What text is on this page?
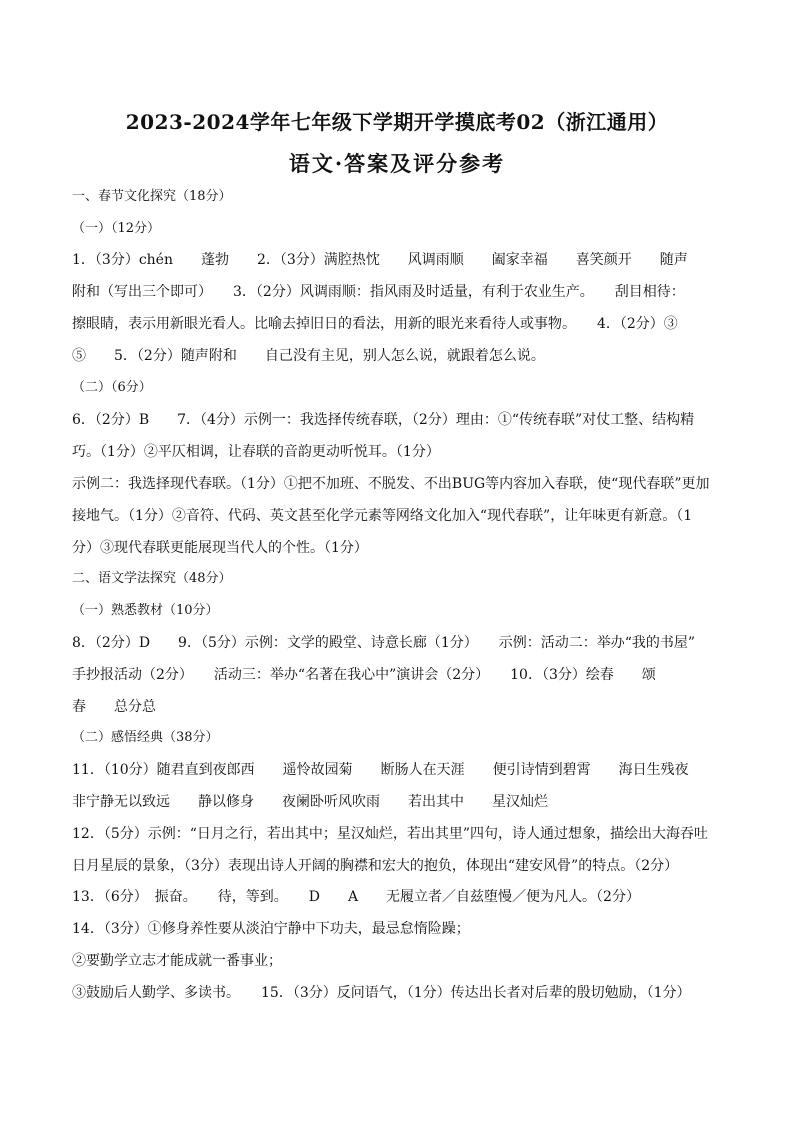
2023-2024学年七年级下学期开学摸底考02（浙江通用）
语文·答案及评分参考
一、春节文化探究（18分）
（一）（12分）
1．（3分）chén　　蓬勃　　2．（3分）满腔热忱　　风调雨顺　　阖家幸福　　喜笑颜开　　随声
附和（写出三个即可）　　3．（2分）风调雨顺：指风雨及时适量，有利于农业生产。　　刮目相待：
擦眼睛，表示用新眼光看人。比喻去掉旧日的看法，用新的眼光来看待人或事物。　　4．（2分）③
⑤　　5．（2分）随声附和　　自己没有主见，别人怎么说，就跟着怎么说。
（二）（6分）
6．（2分）B　　7．（4分）示例一：我选择传统春联，（2分）理由：①“传统春联”对仗工整、结构精
巧。（1分）②平仄相调，让春联的音韵更动听悦耳。（1分）
示例二：我选择现代春联。（1分）①把不加班、不脱发、不出BUG等内容加入春联，使“现代春联”更加
接地气。（1分）②音符、代码、英文甚至化学元素等网络文化加入“现代春联”，让年味更有新意。（1
分）③现代春联更能展现当代人的个性。（1分）
二、语文学法探究（48分）
（一）熟悉教材（10分）
8．（2分）D　　9．（5分）示例：文学的殿堂、诗意长廊（1分）　　示例：活动二：举办“我的书屋”
手抄报活动（2分）　　活动三：举办“名著在我心中”演讲会（2分）　　10．（3分）绘春　　颂
春　　总分总
（二）感悟经典（38分）
11．（10分）随君直到夜郎西　　遥怜故园菊　　断肠人在天涯　　便引诗情到碧霄　　海日生残夜
非宁静无以致远　　静以修身　　夜阑卧听风吹雨　　若出其中　　星汉灿烂
12．（5分）示例：“日月之行，若出其中；星汉灿烂，若出其里”四句，诗人通过想象，描绘出大海吞吐
日月星辰的景象，（3分）表现出诗人开阔的胸襟和宏大的抱负，体现出“建安风骨”的特点。（2分）
13．（6分）　振奋。　　待，等到。　　D　　A　　无履立者／自兹堕慢／便为凡人。（2分）
14．（3分）①修身养性要从淡泊宁静中下功夫，最忌怠惰险躁；
②要勤学立志才能成就一番事业；
③鼓励后人勤学、多读书。　　15．（3分）反问语气，（1分）传达出长者对后辈的殷切勉励，（1分）
